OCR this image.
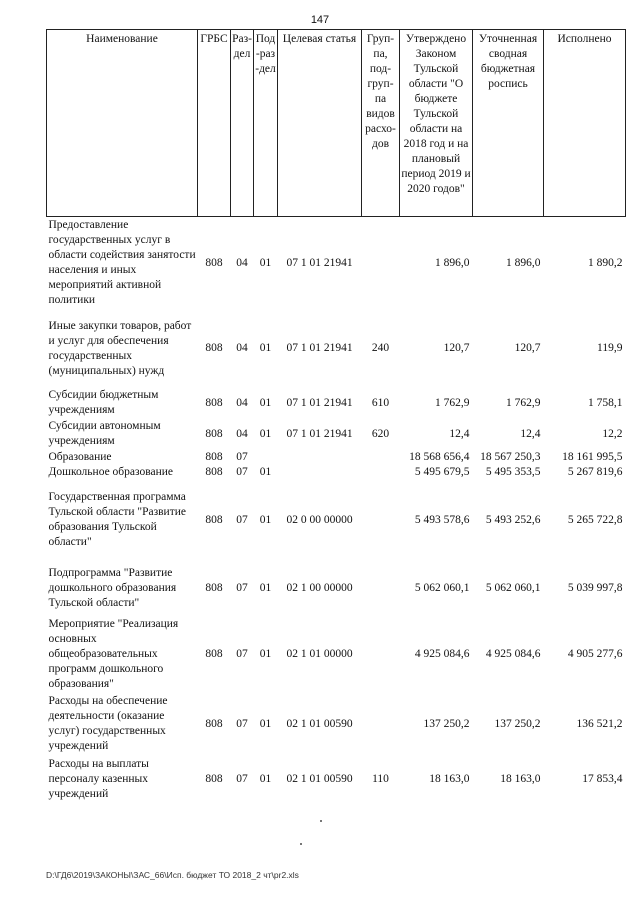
147
Наименование	ГРБС	Раз-дел	Под-раз-дел	Целевая статья	Груп-па, под-груп-па видов расхо-дов	Утверждено Законом Тульской области "О бюджете Тульской области на 2018 год и на плановый период 2019 и 2020 годов"	Уточненная сводная бюджетная роспись	Исполнено
Предоставление государственных услуг в области содействия занятости населения и иных мероприятий активной политики	808	04	01	07 1 01 21941		1 896,0	1 896,0	1 890,2
Иные закупки товаров, работ и услуг для обеспечения государственных (муниципальных) нужд	808	04	01	07 1 01 21941	240	120,7	120,7	119,9
Субсидии бюджетным учреждениям	808	04	01	07 1 01 21941	610	1 762,9	1 762,9	1 758,1
Субсидии автономным учреждениям	808	04	01	07 1 01 21941	620	12,4	12,4	12,2
Образование	808	07				18 568 656,4	18 567 250,3	18 161 995,5
Дошкольное образование	808	07	01			5 495 679,5	5 495 353,5	5 267 819,6
Государственная программа Тульской области "Развитие образования Тульской области"	808	07	01	02 0 00 00000		5 493 578,6	5 493 252,6	5 265 722,8
Подпрограмма "Развитие дошкольного образования Тульской области"	808	07	01	02 1 00 00000		5 062 060,1	5 062 060,1	5 039 997,8
Мероприятие "Реализация основных общеобразовательных программ дошкольного образования"	808	07	01	02 1 01 00000		4 925 084,6	4 925 084,6	4 905 277,6
Расходы на обеспечение деятельности (оказание услуг) государственных учреждений	808	07	01	02 1 01 00590		137 250,2	137 250,2	136 521,2
Расходы на выплаты персоналу казенных учреждений	808	07	01	02 1 01 00590	110	18 163,0	18 163,0	17 853,4
D:\ГД6\2019\ЗАКОНЫ\ЗАС_66\Исп. бюджет ТО 2018_2 чт\pr2.xls
